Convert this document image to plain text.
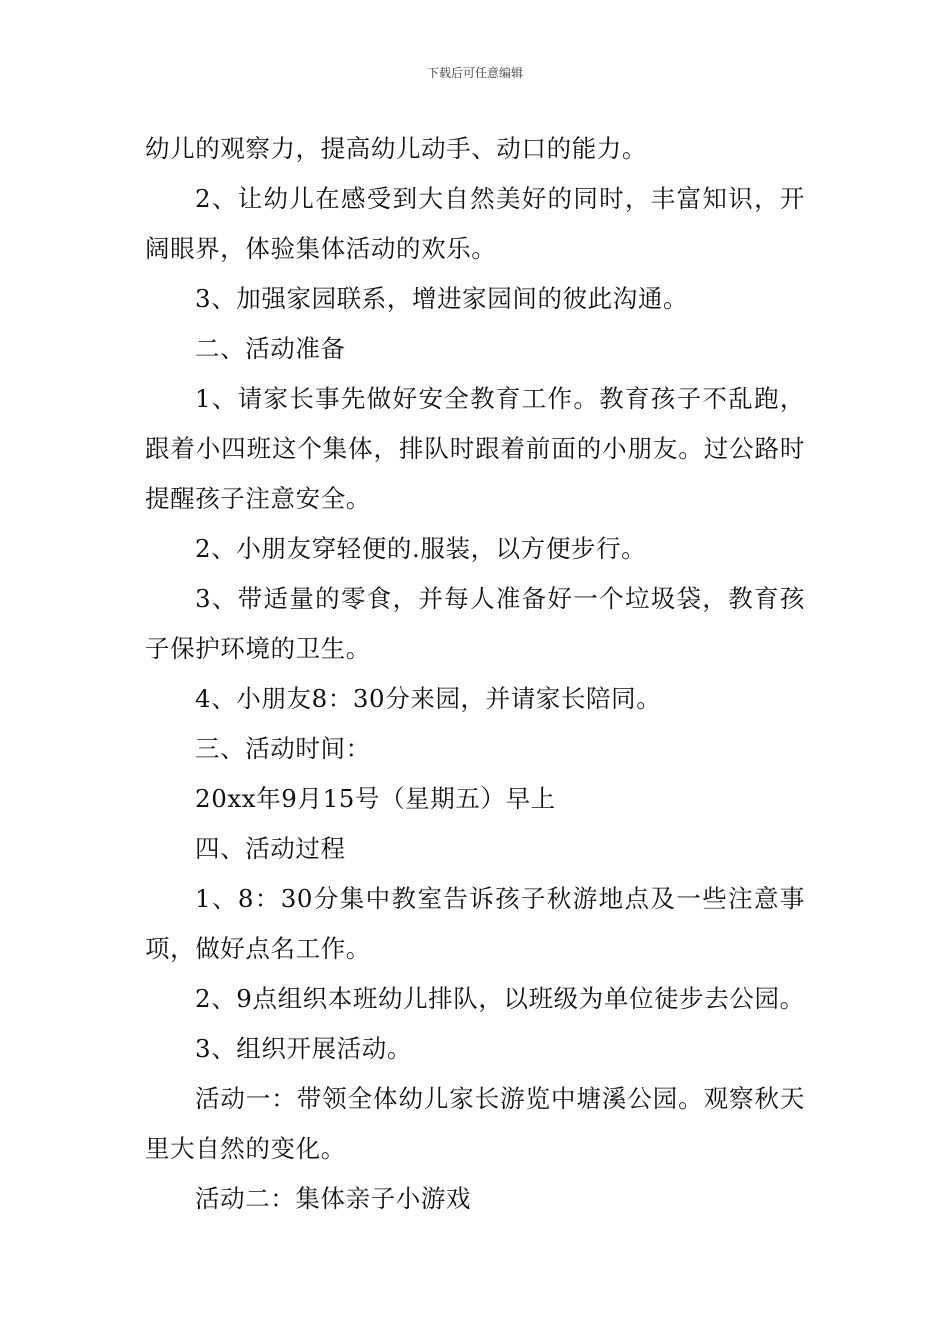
下载后可任意编辑

幼儿的观察力，提高幼儿动手、动口的能力。

2、让幼儿在感受到大自然美好的同时，丰富知识，开阔眼界，体验集体活动的欢乐。

3、加强家园联系，增进家园间的彼此沟通。

二、活动准备

1、请家长事先做好安全教育工作。教育孩子不乱跑，跟着小四班这个集体，排队时跟着前面的小朋友。过公路时提醒孩子注意安全。

2、小朋友穿轻便的.服装，以方便步行。

3、带适量的零食，并每人准备好一个垃圾袋，教育孩子保护环境的卫生。

4、小朋友8：30分来园，并请家长陪同。

三、活动时间：

20xx年9月15号（星期五）早上

四、活动过程

1、8：30分集中教室告诉孩子秋游地点及一些注意事项，做好点名工作。

2、9点组织本班幼儿排队，以班级为单位徒步去公园。

3、组织开展活动。

活动一：带领全体幼儿家长游览中塘溪公园。观察秋天里大自然的变化。

活动二：集体亲子小游戏
